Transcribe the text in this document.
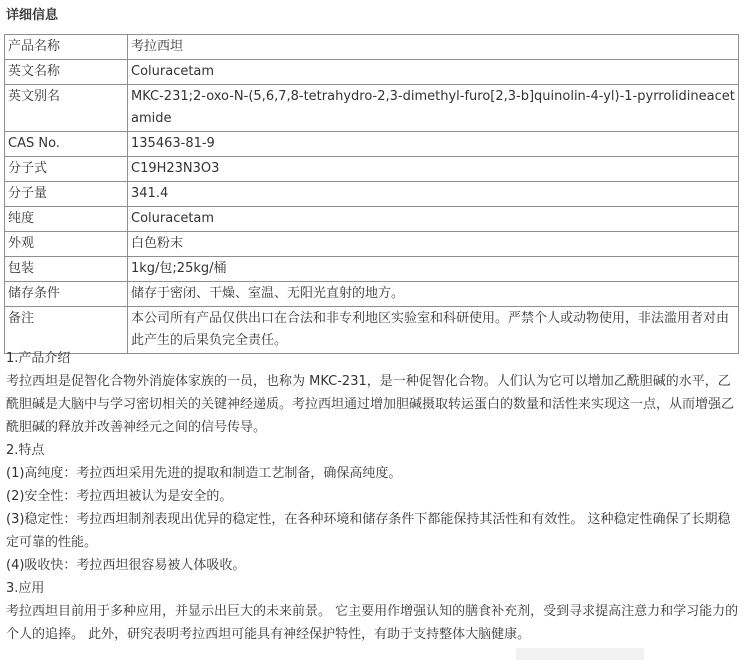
详细信息
产品名称	考拉西坦
英文名称	Coluracetam
英文别名	MKC-231;2-oxo-N-(5,6,7,8-tetrahydro-2,3-dimethyl-furo[2,3-b]quinolin-4-yl)-1-pyrrolidineacetamide
CAS No.	135463-81-9
分子式	C19H23N3O3
分子量	341.4
纯度	Coluracetam
外观	白色粉末
包装	1kg/包;25kg/桶
储存条件	储存于密闭、干燥、室温、无阳光直射的地方。
备注	本公司所有产品仅供出口在合法和非专利地区实验室和科研使用。严禁个人或动物使用，非法滥用者对由此产生的后果负完全责任。

1.产品介绍

考拉西坦是促智化合物外消旋体家族的一员，也称为 MKC-231，是一种促智化合物。人们认为它可以增加乙酰胆碱的水平，乙酰胆碱是大脑中与学习密切相关的关键神经递质。考拉西坦通过增加胆碱摄取转运蛋白的数量和活性来实现这一点，从而增强乙酰胆碱的释放并改善神经元之间的信号传导。

2.特点

(1)高纯度：考拉西坦采用先进的提取和制造工艺制备，确保高纯度。

(2)安全性：考拉西坦被认为是安全的。

(3)稳定性：考拉西坦制剂表现出优异的稳定性，在各种环境和储存条件下都能保持其活性和有效性。 这种稳定性确保了长期稳定可靠的性能。

(4)吸收快：考拉西坦很容易被人体吸收。

3.应用

考拉西坦目前用于多种应用，并显示出巨大的未来前景。 它主要用作增强认知的膳食补充剂，受到寻求提高注意力和学习能力的个人的追捧。 此外，研究表明考拉西坦可能具有神经保护特性，有助于支持整体大脑健康。
